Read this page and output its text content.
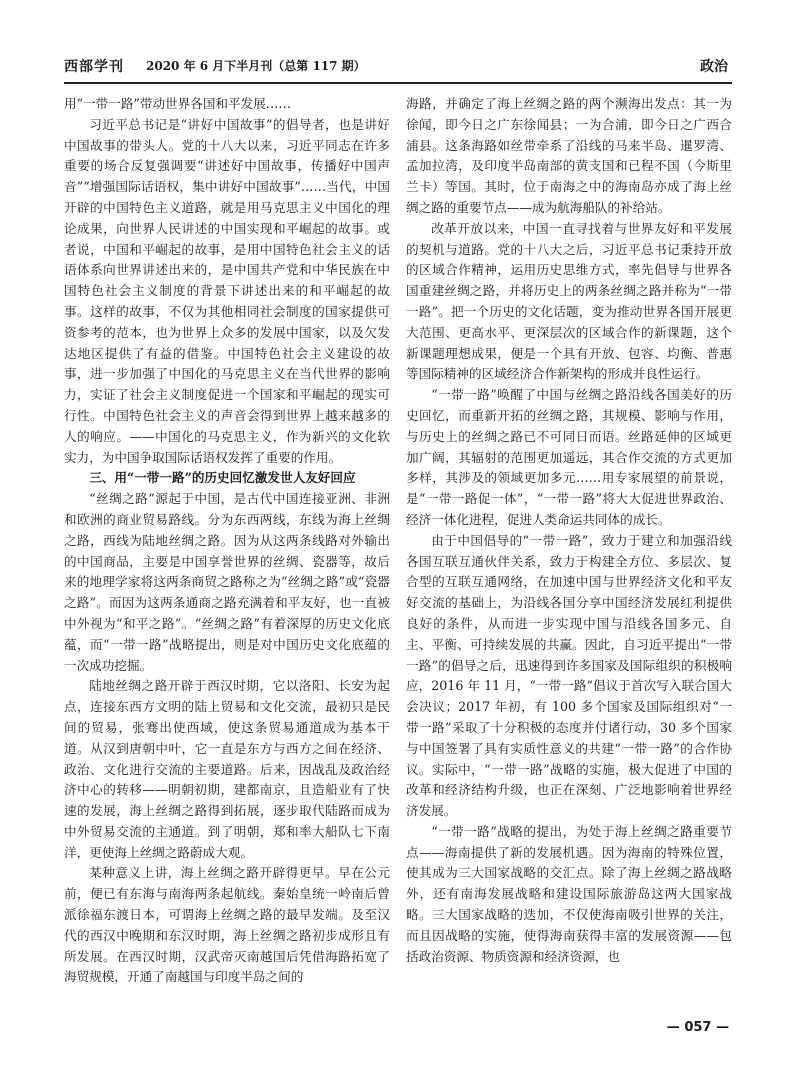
西部学刊 2020 年 6 月下半月刊（总第 117 期）	政治

用“一带一路”带动世界各国和平发展……

习近平总书记是“讲好中国故事”的倡导者，也是讲好中国故事的带头人。党的十八大以来，习近平同志在许多重要的场合反复强调要“讲述好中国故事，传播好中国声音”“增强国际话语权，集中讲好中国故事”……当代，中国开辟的中国特色主义道路，就是用马克思主义中国化的理论成果，向世界人民讲述的中国实现和平崛起的故事。或者说，中国和平崛起的故事，是用中国特色社会主义的话语体系向世界讲述出来的，是中国共产党和中华民族在中国特色社会主义制度的背景下讲述出来的和平崛起的故事。这样的故事，不仅为其他相同社会制度的国家提供可资参考的范本，也为世界上众多的发展中国家，以及欠发达地区提供了有益的借鉴。中国特色社会主义建设的故事，进一步加强了中国化的马克思主义在当代世界的影响力，实证了社会主义制度促进一个国家和平崛起的现实可行性。中国特色社会主义的声音会得到世界上越来越多的人的响应。——中国化的马克思主义，作为新兴的文化软实力，为中国争取国际话语权发挥了重要的作用。

三、用“一带一路”的历史回忆激发世人友好回应

“丝绸之路”源起于中国，是古代中国连接亚洲、非洲和欧洲的商业贸易路线。分为东西两线，东线为海上丝绸之路，西线为陆地丝绸之路。因为从这两条线路对外输出的中国商品，主要是中国享誉世界的丝绸、瓷器等，故后来的地理学家将这两条商贸之路称之为“丝绸之路”或“瓷器之路”。而因为这两条通商之路充满着和平友好，也一直被中外视为“和平之路”。“丝绸之路”有着深厚的历史文化底蕴，而“一带一路”战略提出，则是对中国历史文化底蕴的一次成功挖掘。

陆地丝绸之路开辟于西汉时期，它以洛阳、长安为起点，连接东西方文明的陆上贸易和文化交流，最初只是民间的贸易，张骞出使西域，使这条贸易通道成为基本干道。从汉到唐朝中叶，它一直是东方与西方之间在经济、政治、文化进行交流的主要道路。后来，因战乱及政治经济中心的转移——明朝初期，建都南京，且造船业有了快速的发展，海上丝绸之路得到拓展，逐步取代陆路而成为中外贸易交流的主通道。到了明朝，郑和率大船队七下南洋，更使海上丝绸之路蔚成大观。

某种意义上讲，海上丝绸之路开辟得更早。早在公元前，便已有东海与南海两条起航线。秦始皇统一岭南后曾派徐福东渡日本，可谓海上丝绸之路的最早发端。及至汉代的西汉中晚期和东汉时期，海上丝绸之路初步成形且有所发展。在西汉时期，汉武帝灭南越国后凭借海路拓宽了海贸规模，开通了南越国与印度半岛之间的

海路，并确定了海上丝绸之路的两个濒海出发点：其一为徐闻，即今日之广东徐闻县；一为合浦，即今日之广西合浦县。这条海路如丝带牵系了沿线的马来半岛、暹罗湾、孟加拉湾，及印度半岛南部的黄支国和已程不国（今斯里兰卡）等国。其时，位于南海之中的海南岛亦成了海上丝绸之路的重要节点——成为航海船队的补给站。

改革开放以来，中国一直寻找着与世界友好和平发展的契机与道路。党的十八大之后，习近平总书记秉持开放的区域合作精神，运用历史思维方式，率先倡导与世界各国重建丝绸之路，并将历史上的两条丝绸之路并称为“一带一路”。把一个历史的文化话题，变为推动世界各国开展更大范围、更高水平、更深层次的区域合作的新课题，这个新课题理想成果，便是一个具有开放、包容、均衡、普惠等国际精神的区域经济合作新架构的形成并良性运行。

“一带一路”唤醒了中国与丝绸之路沿线各国美好的历史回忆，而重新开拓的丝绸之路，其规模、影响与作用，与历史上的丝绸之路已不可同日而语。丝路延伸的区域更加广阔，其辐射的范围更加遥远，其合作交流的方式更加多样，其涉及的领域更加多元……用专家展望的前景说，是“一带一路促一体”，“一带一路”将大大促进世界政治、经济一体化进程，促进人类命运共同体的成长。

由于中国倡导的“一带一路”，致力于建立和加强沿线各国互联互通伙伴关系，致力于构建全方位、多层次、复合型的互联互通网络，在加速中国与世界经济文化和平友好交流的基础上，为沿线各国分享中国经济发展红利提供良好的条件，从而进一步实现中国与沿线各国多元、自主、平衡、可持续发展的共赢。因此，自习近平提出“一带一路”的倡导之后，迅速得到许多国家及国际组织的积极响应，2016 年 11 月，“一带一路”倡议于首次写入联合国大会决议；2017 年初，有 100 多个国家及国际组织对“一带一路”采取了十分积极的态度并付诸行动，30 多个国家与中国签署了具有实质性意义的共建“一带一路”的合作协议。实际中，“一带一路”战略的实施，极大促进了中国的改革和经济结构升级，也正在深刻、广泛地影响着世界经济发展。

“一带一路”战略的提出，为处于海上丝绸之路重要节点——海南提供了新的发展机遇。因为海南的特殊位置，使其成为三大国家战略的交汇点。除了海上丝绸之路战略外，还有南海发展战略和建设国际旅游岛这两大国家战略。三大国家战略的迭加，不仅使海南吸引世界的关注，而且因战略的实施，使得海南获得丰富的发展资源——包括政治资源、物质资源和经济资源，也

— 057 —
